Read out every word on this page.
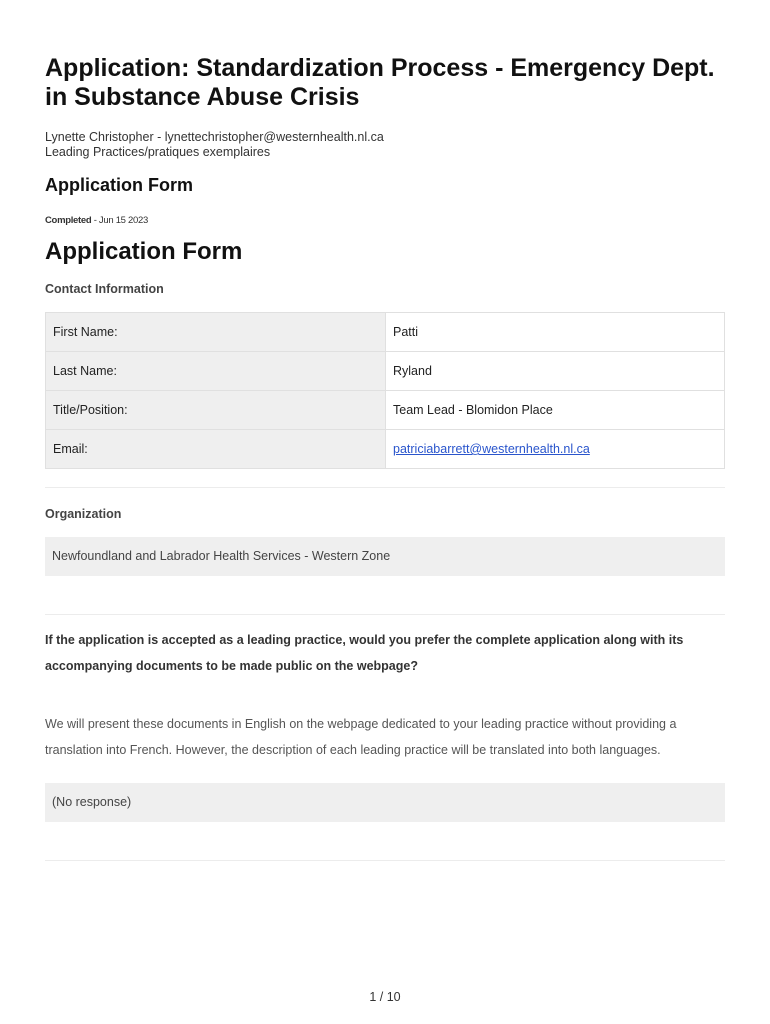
Application: Standardization Process - Emergency Dept. in Substance Abuse Crisis

Lynette Christopher - lynettechristopher@westernhealth.nl.ca

Leading Practices/pratiques exemplaires

Application Form

Completed - Jun 15 2023

Application Form

Contact Information

First Name:	Patti
Last Name:	Ryland
Title/Position:	Team Lead - Blomidon Place
Email:	patriciabarrett@westernhealth.nl.ca

Organization

Newfoundland and Labrador Health Services - Western Zone

If the application is accepted as a leading practice, would you prefer the complete application along with its accompanying documents to be made public on the webpage?

We will present these documents in English on the webpage dedicated to your leading practice without providing a translation into French. However, the description of each leading practice will be translated into both languages.

(No response)
1 / 10
